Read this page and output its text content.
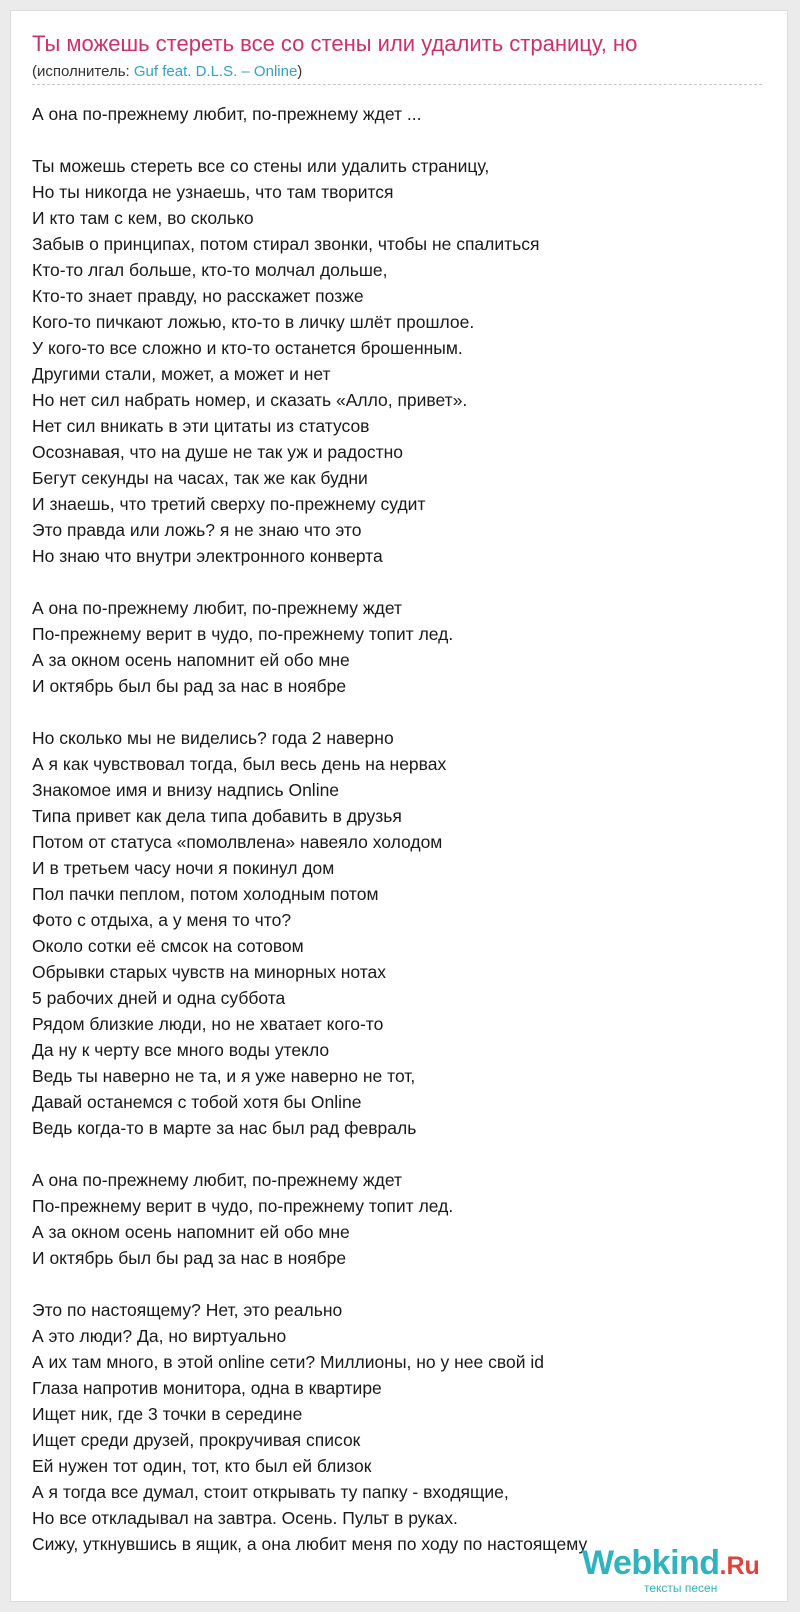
Ты можешь стереть все со стены или удалить страницу, но
(исполнитель: Guf feat. D.L.S. – Online)
А она по-прежнему любит, по-прежнему ждет ...
Ты можешь стереть все со стены или удалить страницу,
Но ты никогда не узнаешь, что там творится
И кто там с кем, во сколько
Забыв о принципах, потом стирал звонки, чтобы не спалиться
Кто-то лгал больше, кто-то молчал дольше,
Кто-то знает правду, но расскажет позже
Кого-то пичкают ложью, кто-то в личку шлёт прошлое.
У кого-то все сложно и кто-то останется брошенным.
Другими стали, может, а может и нет
Но нет сил набрать номер, и сказать «Алло, привет».
Нет сил вникать в эти цитаты из статусов
Осознавая, что на душе не так уж и радостно
Бегут секунды на часах, так же как будни
И знаешь, что третий сверху по-прежнему судит
Это правда или ложь? я не знаю что это
Но знаю что внутри электронного конверта
А она по-прежнему любит, по-прежнему ждет
По-прежнему верит в чудо, по-прежнему топит лед.
А за окном осень напомнит ей обо мне
И октябрь был бы рад за нас в ноябре
Но сколько мы не виделись? года 2 наверно
А я как чувствовал тогда, был весь день на нервах
Знакомое имя и внизу надпись Online
Типа привет как дела типа добавить в друзья
Потом от статуса «помолвлена» навеяло холодом
И в третьем часу ночи я покинул дом
Пол пачки пеплом, потом холодным потом
Фото с отдыха, а у меня то что?
Около сотки её смсок на сотовом
Обрывки старых чувств на минорных нотах
5 рабочих дней и одна суббота
Рядом близкие люди, но не хватает кого-то
Да ну к черту все много воды утекло
Ведь ты наверно не та, и я уже наверно не тот,
Давай останемся с тобой хотя бы Online
Ведь когда-то в марте за нас был рад февраль
А она по-прежнему любит, по-прежнему ждет
По-прежнему верит в чудо, по-прежнему топит лед.
А за окном осень напомнит ей обо мне
И октябрь был бы рад за нас в ноябре
Это по настоящему? Нет, это реально
А это люди? Да, но виртуально
А их там много, в этой online сети? Миллионы, но у нее свой id
Глаза напротив монитора, одна в квартире
Ищет ник, где 3 точки в середине
Ищет среди друзей, прокручивая список
Ей нужен тот один, тот, кто был ей близок
А я тогда все думал, стоит открывать ту папку - входящие,
Но все откладывал на завтра. Осень. Пульт в руках.
Сижу, уткнувшись в ящик, а она любит меня по ходу по настоящему
Webkind.Ru
тексты песен
